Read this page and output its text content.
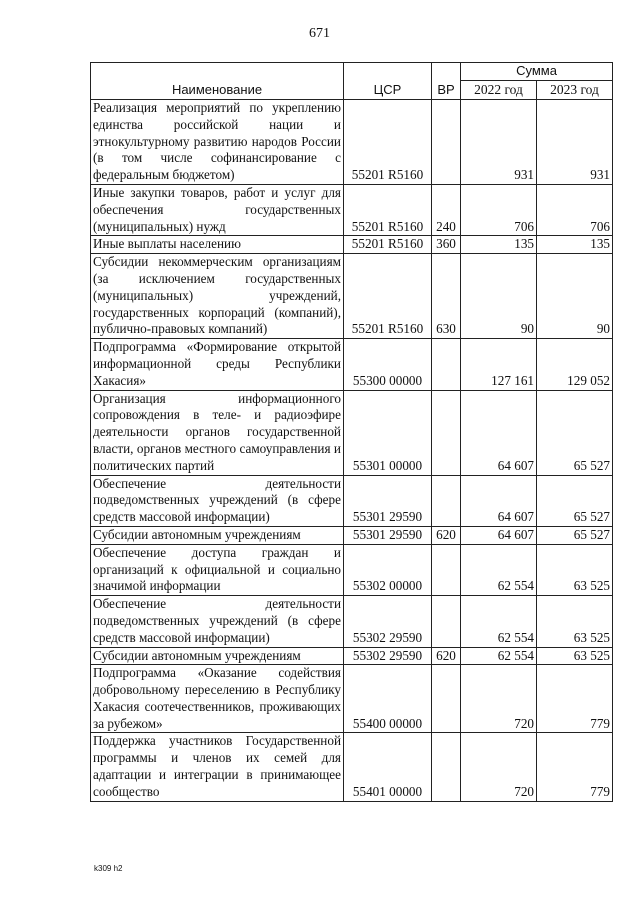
671
Наименование	ЦСР	ВР	Сумма	
			2022 год	2023 год
Реализация мероприятий по укреплению единства российской нации и этнокультурному развитию народов России (в том числе софинансирование с федеральным бюджетом)	55201 R5160		931	931
Иные закупки товаров, работ и услуг для обеспечения государственных (муниципальных) нужд	55201 R5160	240	706	706
Иные выплаты населению	55201 R5160	360	135	135
Субсидии некоммерческим организациям (за исключением государственных (муниципальных) учреждений, государственных корпораций (компаний), публично-правовых компаний)	55201 R5160	630	90	90
Подпрограмма «Формирование открытой информационной среды Республики Хакасия»	55300 00000		127 161	129 052
Организация информационного сопровождения в теле- и радиоэфире деятельности органов государственной власти, органов местного самоуправления и политических партий	55301 00000		64 607	65 527
Обеспечение деятельности подведомственных учреждений (в сфере средств массовой информации)	55301 29590		64 607	65 527
Субсидии автономным учреждениям	55301 29590	620	64 607	65 527
Обеспечение доступа граждан и организаций к официальной и социально значимой информации	55302 00000		62 554	63 525
Обеспечение деятельности подведомственных учреждений (в сфере средств массовой информации)	55302 29590		62 554	63 525
Субсидии автономным учреждениям	55302 29590	620	62 554	63 525
Подпрограмма «Оказание содействия добровольному переселению в Республику Хакасия соотечественников, проживающих за рубежом»	55400 00000		720	779
Поддержка участников Государственной программы и членов их семей для адаптации и интеграции в принимающее сообщество	55401 00000		720	779
k309 h2
